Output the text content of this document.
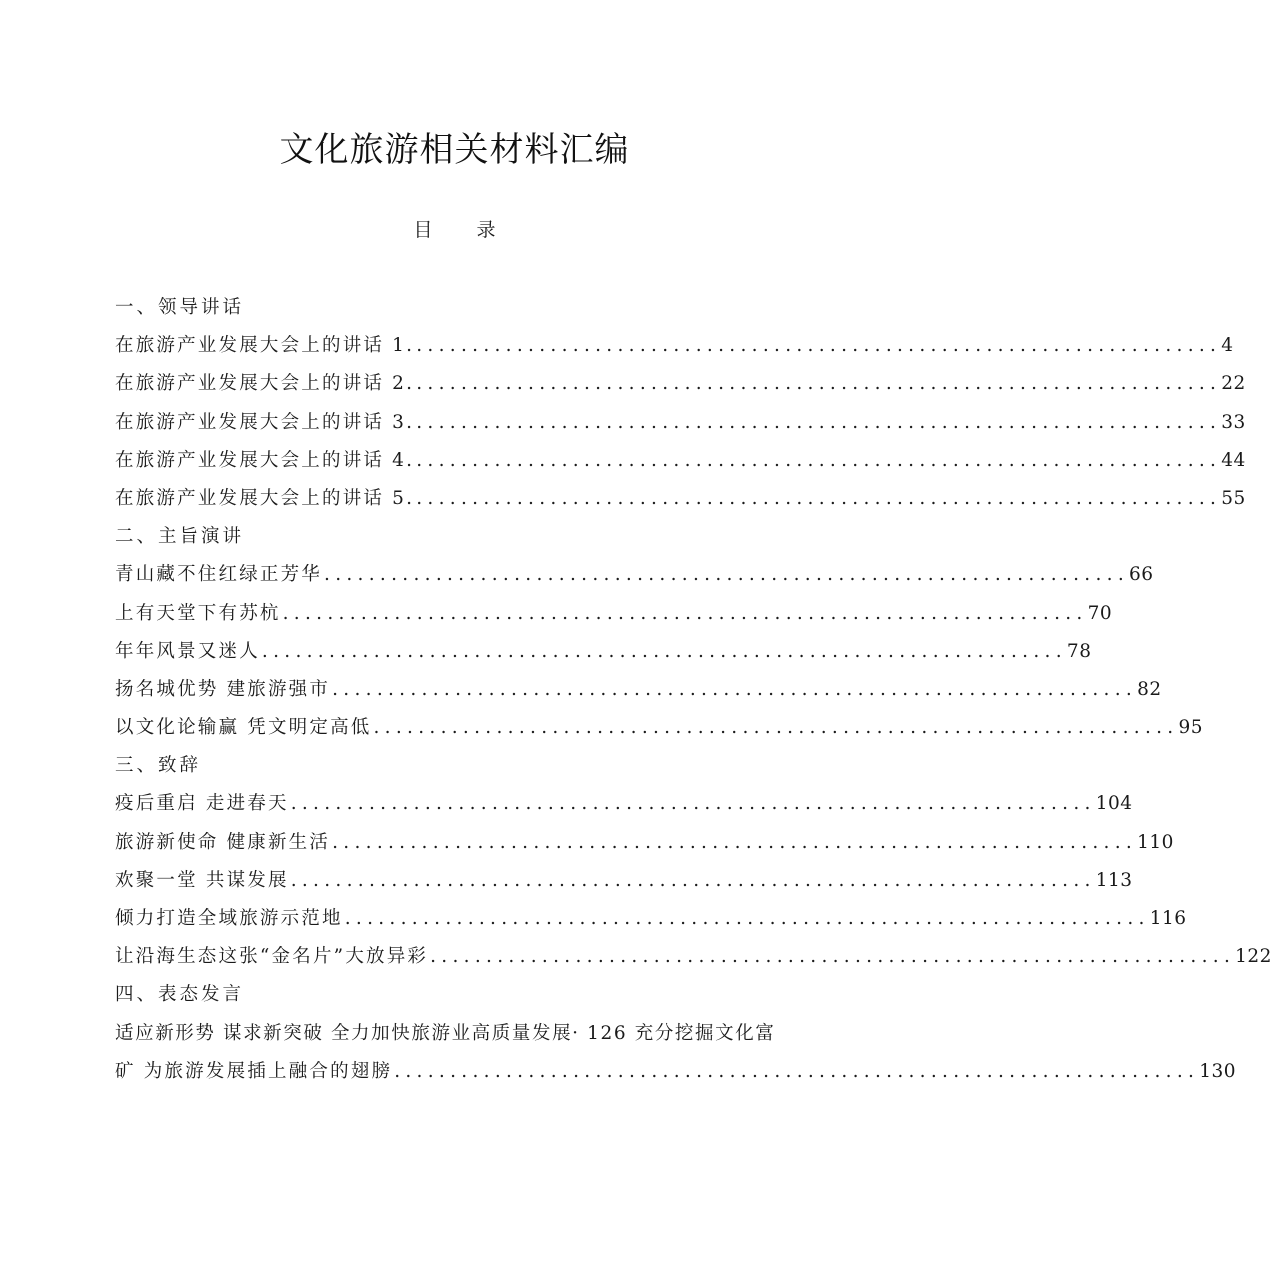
文化旅游相关材料汇编
目录
一、领导讲话
在旅游产业发展大会上的讲话 1. ........................................................................ 4
在旅游产业发展大会上的讲话 2. ........................................................................ 22
在旅游产业发展大会上的讲话 3. ........................................................................ 33
在旅游产业发展大会上的讲话 4. ........................................................................ 44
在旅游产业发展大会上的讲话 5. ........................................................................ 55
二、主旨演讲
青山藏不住红绿正芳华 ........................................................................ 66
上有天堂下有苏杭 ........................................................................ 70
年年风景又迷人 ........................................................................ 78
扬名城优势 建旅游强市 ........................................................................ 82
以文化论输赢 凭文明定高低 ........................................................................ 95
三、致辞
疫后重启 走进春天 ........................................................................ 104
旅游新使命 健康新生活 ........................................................................ 110
欢聚一堂 共谋发展 ........................................................................ 113
倾力打造全域旅游示范地 ........................................................................ 116
让沿海生态这张“金名片”大放异彩 ........................................................................ 122
四、表态发言
适应新形势 谋求新突破 全力加快旅游业高质量发展· 126 充分挖掘文化富
矿 为旅游发展插上融合的翅膀 ........................................................................ 130
